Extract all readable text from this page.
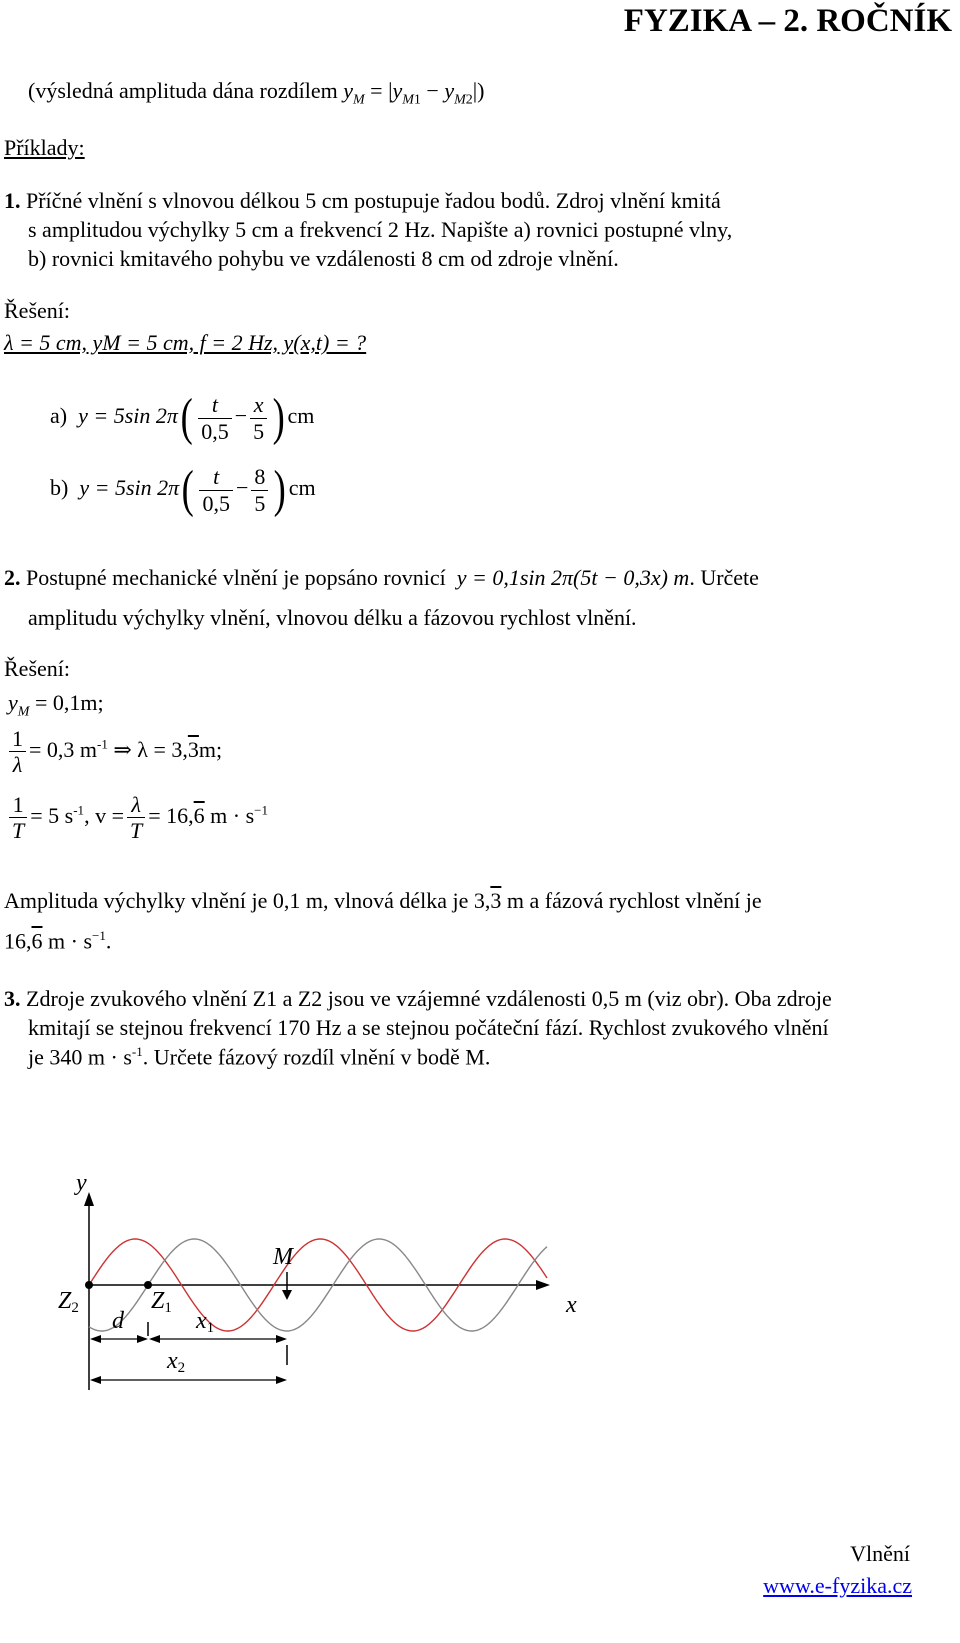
FYZIKA – 2. ROČNÍK
(výsledná amplituda dána rozdílem $y_M = |y_{M1} - y_{M2}|$)
Příklady:
1. Příčné vlnění s vlnovou délkou 5 cm postupuje řadou bodů. Zdroj vlnění kmitá
s amplitudou výchylky 5 cm a frekvencí 2 Hz. Napište a) rovnici postupné vlny,
b) rovnici kmitavého pohybu ve vzdálenosti 8 cm od zdroje vlnění.
Řešení:
λ = 5 cm, yM = 5 cm, f = 2 Hz, y(x,t) = ?
a) y = 5sin $2\pi( \frac{t}{0,5} - \frac{x}{5}$ ) cm
b) y = 5sin $2\pi( \frac{t}{0,5} - \frac{8}{5}$ ) cm
2. Postupné mechanické vlnění je popsáno rovnicí y = 0,1sin 2π(5t − 0,3x) m. Určete
amplitudu výchylky vlnění, vlnovou délku a fázovou rychlost vlnění.
Řešení:
$y_M = 0,1m$;
$\frac{1}{\lambda} = 0,3$ $m^{-1}$ ⇒ λ = 3,3m;
$\frac{1}{T} = 5$ $s^{-1}$, $v = \frac{\lambda}{T} = 16,6$ $m \cdot s^{-1}$
Amplituda výchylky vlnění je 0,1 m, vlnová délka je 3,3 m a fázová rychlost vlnění je
16,6 $m \cdot s^{-1}$.
3. Zdroje zvukového vlnění Z1 a Z2 jsou ve vzájemné vzdálenosti 0,5 m (viz obr). Oba zdroje
kmitají se stejnou frekvencí 170 Hz a se stejnou počáteční fází. Rychlost zvukového vlnění
je 340 $m \cdot s^{-1}$. Určete fázový rozdíl vlnění v bodě M.
y
x
M
Z2	Z1
d	x1
x2
Vlnění
www.e-fyzika.cz
